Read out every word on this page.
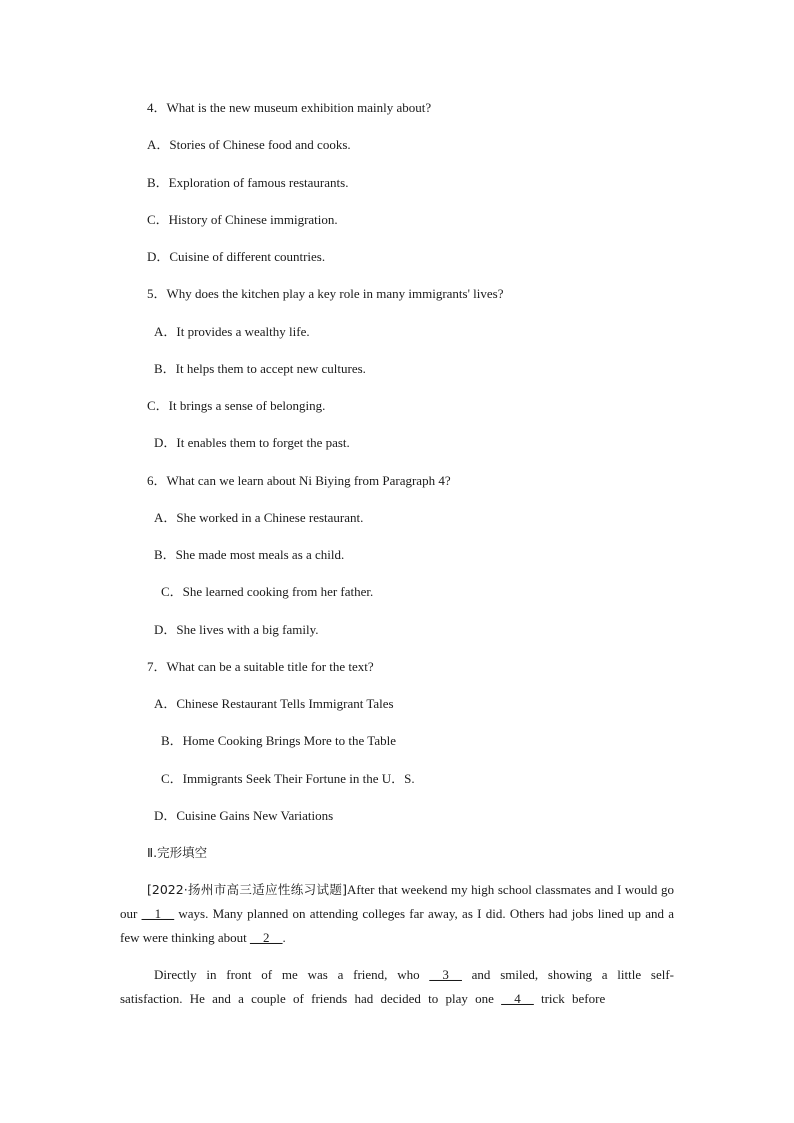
4．What is the new museum exhibition mainly about?
A．Stories of Chinese food and cooks.
B．Exploration of famous restaurants.
C．History of Chinese immigration.
D．Cuisine of different countries.
5．Why does the kitchen play a key role in many immigrants' lives?
A．It provides a wealthy life.
B．It helps them to accept new cultures.
C．It brings a sense of belonging.
D．It enables them to forget the past.
6．What can we learn about Ni Biying from Paragraph 4?
A．She worked in a Chinese restaurant.
B．She made most meals as a child.
C．She learned cooking from her father.
D．She lives with a big family.
7．What can be a suitable title for the text?
A．Chinese Restaurant Tells Immigrant Tales
B．Home Cooking Brings More to the Table
C．Immigrants Seek Their Fortune in the U．S.
D．Cuisine Gains New Variations
Ⅱ.完形填空
[2022·扬州市高三适应性练习试题]After that weekend my high school classmates and I would go our __1__ ways. Many planned on attending colleges far away, as I did. Others had jobs lined up and a few were thinking about __2__.
Directly in front of me was a friend, who __3__ and smiled, showing a little self-satisfaction. He and a couple of friends had decided to play one __4__ trick before
